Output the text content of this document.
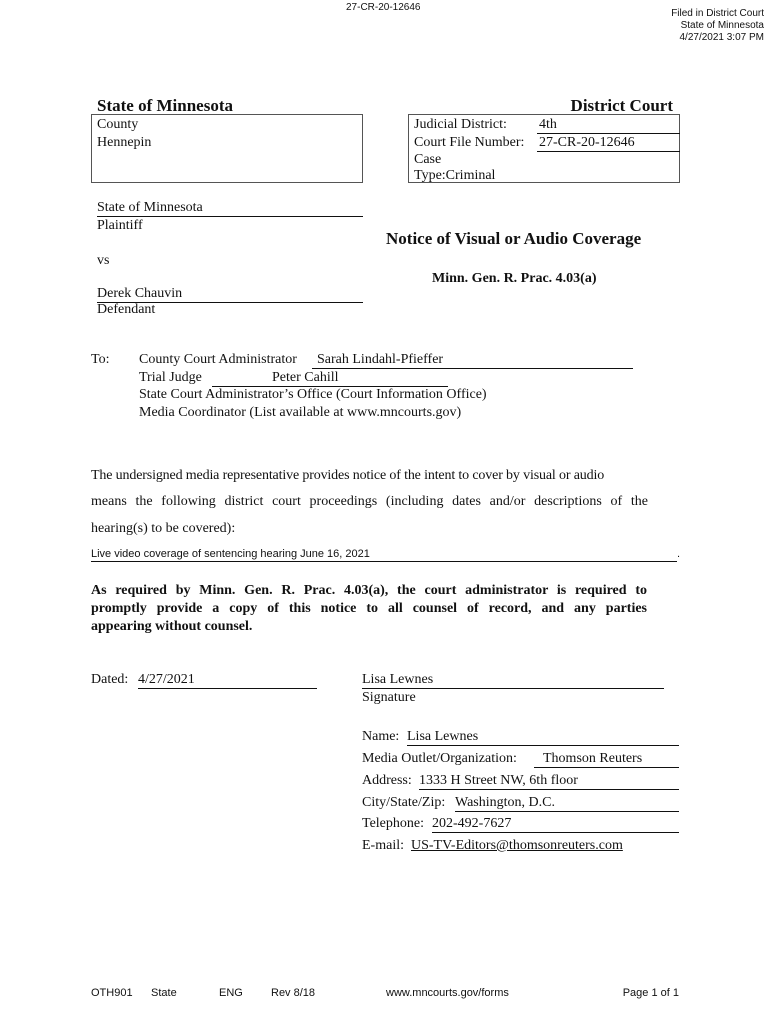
27-CR-20-12646
Filed in District Court
State of Minnesota
4/27/2021 3:07 PM
State of Minnesota	District Court
County
Hennepin
Judicial District: 4th
Court File Number: 27-CR-20-12646
Case
Type:Criminal
State of Minnesota
Plaintiff
vs
Derek Chauvin
Defendant
Notice of Visual or Audio Coverage
Minn. Gen. R. Prac. 4.03(a)
To: County Court Administrator	Sarah Lindahl-Pfieffer
Trial Judge	Peter Cahill
State Court Administrator’s Office (Court Information Office)
Media Coordinator (List available at www.mncourts.gov)
The undersigned media representative provides notice of the intent to cover by visual or audio
means the following district court proceedings (including dates and/or descriptions of the
hearing(s) to be covered):
Live video coverage of sentencing hearing June 16, 2021	.
As required by Minn. Gen. R. Prac. 4.03(a), the court administrator is required to
promptly provide a copy of this notice to all counsel of record, and any parties
appearing without counsel.
Dated: 4/27/2021	Lisa Lewnes
Signature
Name: Lisa Lewnes
Media Outlet/Organization:	Thomson Reuters
Address: 1333 H Street NW, 6th floor
City/State/Zip: Washington, D.C.
Telephone: 202-492-7627
E-mail: US-TV-Editors@thomsonreuters.com
OTH901 State	ENG	Rev 8/18	www.mncourts.gov/forms	Page 1 of 1
